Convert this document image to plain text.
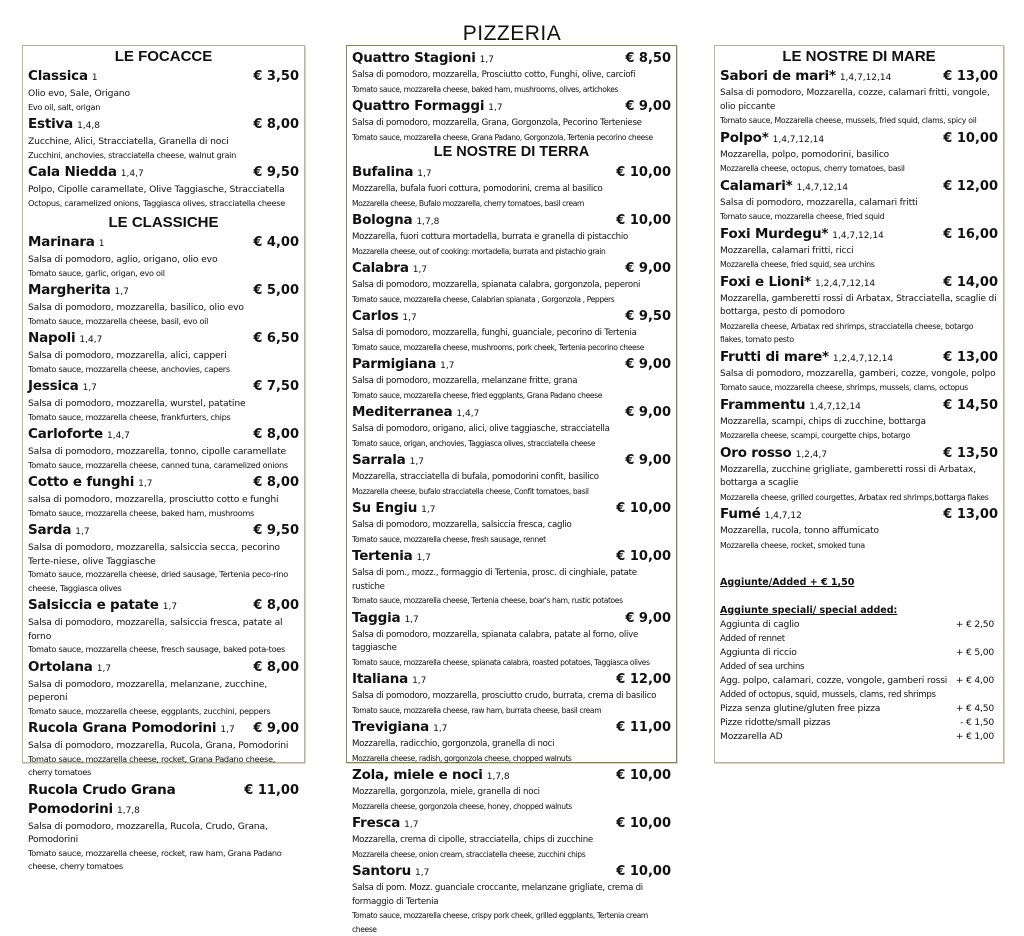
PIZZERIA
LE FOCACCE
Classica 1	€ 3,50
Olio evo, Sale, Origano
Evo oil, salt, origan
Estiva 1,4,8	€ 8,00
Zucchine, Alici, Stracciatella, Granella di noci
Zucchini, anchovies, stracciatella cheese, walnut grain
Cala Niedda 1,4,7	€ 9,50
Polpo, Cipolle caramellate, Olive Taggiasche, Stracciatella
Octopus, caramelized onions, Taggiasca olives, stracciatella cheese
LE CLASSICHE
Marinara 1	€ 4,00
Salsa di pomodoro, aglio, origano, olio evo
Tomato sauce, garlic, origan, evo oil
Margherita 1,7	€ 5,00
Salsa di pomodoro, mozzarella, basilico, olio evo
Tomato sauce, mozzarella cheese, basil, evo oil
Napoli 1,4,7	€ 6,50
Salsa di pomodoro, mozzarella, alici, capperi
Tomato sauce, mozzarella cheese, anchovies, capers
Jessica 1,7	€ 7,50
Salsa di pomodoro, mozzarella, wurstel, patatine
Tomato sauce, mozzarella cheese, frankfurters, chips
Carloforte 1,4,7	€ 8,00
Salsa di pomodoro, mozzarella, tonno, cipolle caramellate
Tomato sauce, mozzarella cheese, canned tuna, caramelized onions
Cotto e funghi 1,7	€ 8,00
salsa di pomodoro, mozzarella, prosciutto cotto e funghi
Tomato sauce, mozzarella cheese, baked ham, mushrooms
Sarda 1,7	€ 9,50
Salsa di pomodoro, mozzarella, salsiccia secca, pecorino Terte-niese, olive Taggiasche
Tomato sauce, mozzarella cheese, dried sausage, Tertenia peco-rino cheese, Taggiasca olives
Salsiccia e patate 1,7	€ 8,00
Salsa di pomodoro, mozzarella, salsiccia fresca, patate al forno
Tomato sauce, mozzarella cheese, fresch sausage, baked pota-toes
Ortolana 1,7	€ 8,00
Salsa di pomodoro, mozzarella, melanzane, zucchine, peperoni
Tomato sauce, mozzarella cheese, eggplants, zucchini, peppers
Rucola Grana Pomodorini 1,7 € 9,00
Salsa di pomodoro, mozzarella, Rucola, Grana, Pomodorini
Tomato sauce, mozzarella cheese, rocket, Grana Padano cheese, cherry tomatoes
Rucola Crudo Grana Pomodorini 1,7,8
€ 11,00
Salsa di pomodoro, mozzarella, Rucola, Crudo, Grana, Pomodorini
Tomato sauce, mozzarella cheese, rocket, raw ham, Grana Padano cheese, cherry tomatoes
Quattro Stagioni 1,7	€ 8,50
Salsa di pomodoro, mozzarella, Prosciutto cotto, Funghi, olive, carciofi
Tomato sauce, mozzarella cheese, baked ham, mushrooms, olives, artichokes
Quattro Formaggi 1,7	€ 9,00
Salsa di pomodoro, mozzarella, Grana, Gorgonzola, Pecorino Terteniese
Tomato sauce, mozzarella cheese, Grana Padano, Gorgonzola, Tertenia pecorino cheese
LE NOSTRE DI TERRA
Bufalina 1,7	€ 10,00
Mozzarella, bufala fuori cottura, pomodorini, crema al basilico
Mozzarella cheese, Bufalo mozzarella, cherry tomatoes, basil cream
Bologna 1,7,8	€ 10,00
Mozzarella, fuori cottura mortadella, burrata e granella di pistacchio
Mozzarella cheese, out of cooking: mortadella, burrata and pistachio grain
Calabra 1,7	€ 9,00
Salsa di pomodoro, mozzarella, spianata calabra, gorgonzola, peperoni
Tomato sauce, mozzarella cheese, Calabrian spianata , Gorgonzola , Peppers
Carlos 1,7	€ 9,50
Salsa di pomodoro, mozzarella, funghi, guanciale, pecorino di Tertenia
Tomato sauce, mozzarella cheese, mushrooms, pork cheek, Tertenia pecorino cheese
Parmigiana 1,7	€ 9,00
Salsa di pomodoro, mozzarella, melanzane fritte, grana
Tomato sauce, mozzarella cheese, fried eggplants, Grana Padano cheese
Mediterranea 1,4,7	€ 9,00
Salsa di pomodoro, origano, alici, olive taggiasche, stracciatella
Tomato sauce, origan, anchovies, Taggiasca olives, stracciatella cheese
Sarrala 1,7	€ 9,00
Mozzarella, stracciatella di bufala, pomodorini confit, basilico
Mozzarella cheese, bufalo stracciatella cheese, Confit tomatoes, basil
Su Engiu 1,7	€ 10,00
Salsa di pomodoro, mozzarella, salsiccia fresca, caglio
Tomato sauce, mozzarella cheese, fresh sausage, rennet
Tertenia 1,7	€ 10,00
Salsa di pom., mozz., formaggio di Tertenia, prosc. di cinghiale, patate rustiche
Tomato sauce, mozzarella cheese, Tertenia cheese, boar's ham, rustic potatoes
Taggia 1,7	€ 9,00
Salsa di pomodoro, mozzarella, spianata calabra, patate al forno, olive taggiasche
Tomato sauce, mozzarella cheese, spianata calabra, roasted potatoes, Taggiasca olives
Italiana 1,7	€ 12,00
Salsa di pomodoro, mozzarella, prosciutto crudo, burrata, crema di basilico
Tomato sauce, mozzarella cheese, raw ham, burrata cheese, basil cream
Trevigiana 1,7	€ 11,00
Mozzarella, radicchio, gorgonzola, granella di noci
Mozzarella cheese, radish, gorgonzola cheese, chopped walnuts
Zola, miele e noci 1,7,8	€ 10,00
Mozzarella, gorgonzola, miele, granella di noci
Mozzarella cheese, gorgonzola cheese, honey, chopped walnuts
Fresca 1,7	€ 10,00
Mozzarella, crema di cipolle, stracciatella, chips di zucchine
Mozzarella cheese, onion cream, stracciatella cheese, zucchini chips
Santoru 1,7	€ 10,00
Salsa di pom. Mozz. guanciale croccante, melanzane grigliate, crema di formaggio di Tertenia
Tomato sauce, mozzarella cheese, crispy pork cheek, grilled eggplants, Tertenia cream cheese
LE NOSTRE DI MARE
Sabori de mari* 1,4,7,12,14	€ 13,00
Salsa di pomodoro, Mozzarella, cozze, calamari fritti, vongole, olio piccante
Tomato sauce, Mozzarella cheese, mussels, fried squid, clams, spicy oil
Polpo* 1,4,7,12,14	€ 10,00
Mozzarella, polpo, pomodorini, basilico
Mozzarella cheese, octopus, cherry tomatoes, basil
Calamari* 1,4,7,12,14	€ 12,00
Salsa di pomodoro, mozzarella, calamari fritti
Tomato sauce, mozzarella cheese, fried squid
Foxi Murdegu* 1,4,7,12,14	€ 16,00
Mozzarella, calamari fritti, ricci
Mozzarella cheese, fried squid, sea urchins
Foxi e Lioni* 1,2,4,7,12,14	€ 14,00
Mozzarella, gamberetti rossi di Arbatax, Stracciatella, scaglie di bottarga, pesto di pomodoro
Mozzarella cheese, Arbatax red shrimps, stracciatella cheese, botargo flakes, tomato pesto
Frutti di mare* 1,2,4,7,12,14	€ 13,00
Salsa di pomodoro, mozzarella, gamberi, cozze, vongole, polpo
Tomato sauce, mozzarella cheese, shrimps, mussels, clams, octopus
Frammentu 1,4,7,12,14	€ 14,50
Mozzarella, scampi, chips di zucchine, bottarga
Mozzarella cheese, scampi, courgette chips, botargo
Oro rosso 1,2,4,7	€ 13,50
Mozzarella, zucchine grigliate, gamberetti rossi di Arbatax, bottarga a scaglie
Mozzarella cheese, grilled courgettes, Arbatax red shrimps,bottarga flakes
Fumé 1,4,7,12	€ 13,00
Mozzarella, rucola, tonno affumicato
Mozzarella cheese, rocket, smoked tuna
Aggiunte/Added + € 1,50
Aggiunte speciali/ special added:
Aggiunta di caglio	+ € 2,50
Added of rennet
Aggiunta di riccio	+ € 5,00
Added of sea urchins
Agg. polpo, calamari, cozze, vongole, gamberi rossi + € 4,00
Added of octopus, squid, mussels, clams, red shrimps
Pizza senza glutine/gluten free pizza	+ € 4,50
Pizze ridotte/small pizzas	- € 1,50
Mozzarella AD	+ € 1,00
